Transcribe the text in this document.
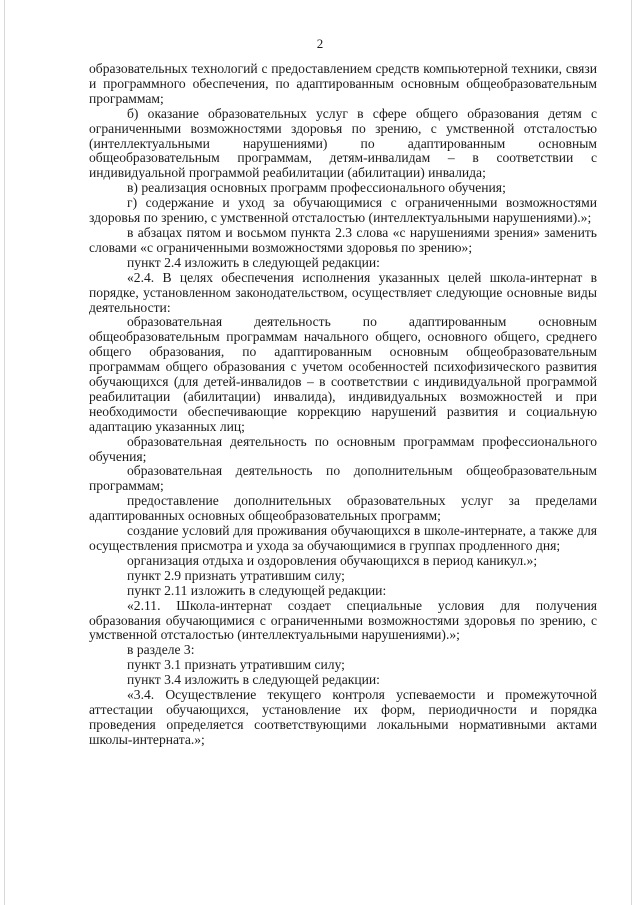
2

образовательных технологий с предоставлением средств компьютерной техники, связи и программного обеспечения, по адаптированным основным общеобразовательным программам;

б) оказание образовательных услуг в сфере общего образования детям с ограниченными возможностями здоровья по зрению, с умственной отсталостью (интеллектуальными нарушениями) по адаптированным основным общеобразовательным программам, детям-инвалидам – в соответствии с индивидуальной программой реабилитации (абилитации) инвалида;

в) реализация основных программ профессионального обучения;

г) содержание и уход за обучающимися с ограниченными возможностями здоровья по зрению, с умственной отсталостью (интеллектуальными нарушениями).»;

в абзацах пятом и восьмом пункта 2.3 слова «с нарушениями зрения» заменить словами «с ограниченными возможностями здоровья по зрению»;

пункт 2.4 изложить в следующей редакции:

«2.4. В целях обеспечения исполнения указанных целей школа-интернат в порядке, установленном законодательством, осуществляет следующие основные виды деятельности:

образовательная деятельность по адаптированным основным общеобразовательным программам начального общего, основного общего, среднего общего образования, по адаптированным основным общеобразовательным программам общего образования с учетом особенностей психофизического развития обучающихся (для детей-инвалидов – в соответствии с индивидуальной программой реабилитации (абилитации) инвалида), индивидуальных возможностей и при необходимости обеспечивающие коррекцию нарушений развития и социальную адаптацию указанных лиц;

образовательная деятельность по основным программам профессионального обучения;

образовательная деятельность по дополнительным общеобразовательным программам;

предоставление дополнительных образовательных услуг за пределами адаптированных основных общеобразовательных программ;

создание условий для проживания обучающихся в школе-интернате, а также для осуществления присмотра и ухода за обучающимися в группах продленного дня;

организация отдыха и оздоровления обучающихся в период каникул.»;

пункт 2.9 признать утратившим силу;

пункт 2.11 изложить в следующей редакции:

«2.11. Школа-интернат создает специальные условия для получения образования обучающимися с ограниченными возможностями здоровья по зрению, с умственной отсталостью (интеллектуальными нарушениями).»;

в разделе 3:

пункт 3.1 признать утратившим силу;

пункт 3.4 изложить в следующей редакции:

«3.4. Осуществление текущего контроля успеваемости и промежуточной аттестации обучающихся, установление их форм, периодичности и порядка проведения определяется соответствующими локальными нормативными актами школы-интерната.»;
